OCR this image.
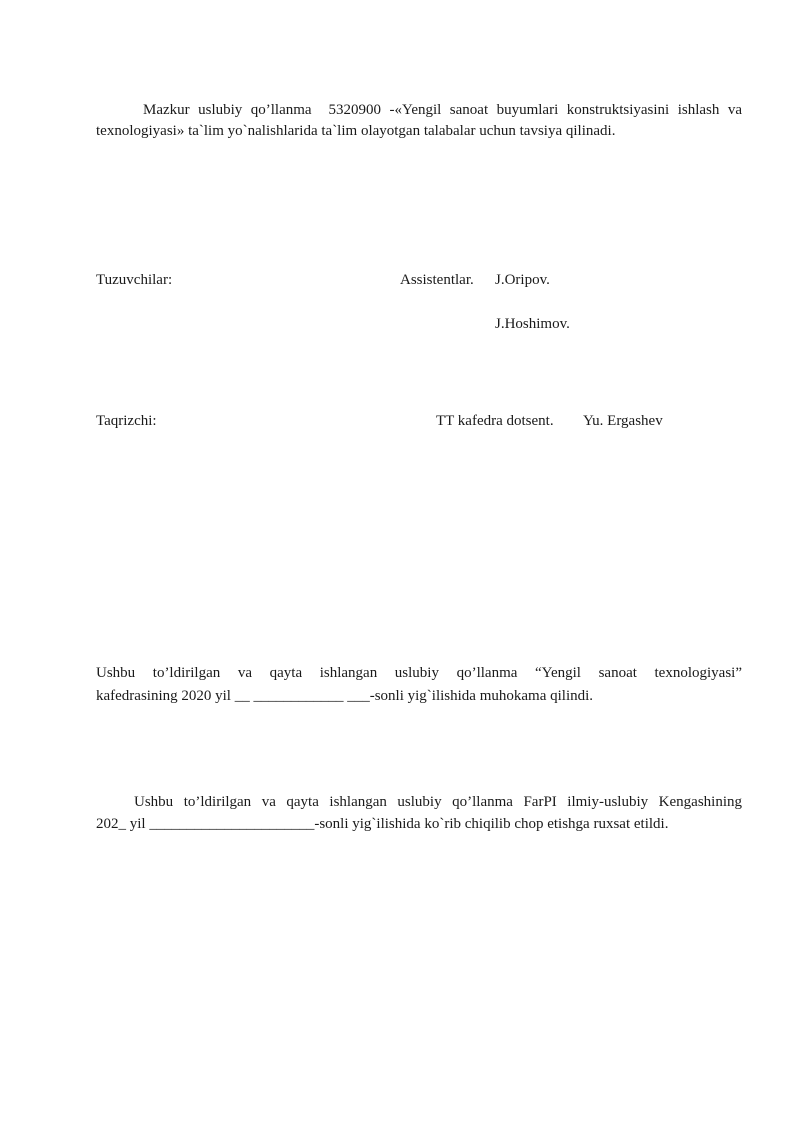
Mazkur uslubiy qo’llanma  5320900 -«Yengil sanoat buyumlari konstruktsiyasini ishlash va
texnologiyasi» ta`lim yo`nalishlarida ta`lim olayotgan talabalar uchun tavsiya qilinadi.
Tuzuvchilar:	Assistentlar. J.Oripov.
J.Hoshimov.
Taqrizchi:	TT kafedra dotsent. Yu. Ergashev
Ushbu to’ldirilgan va qayta ishlangan uslubiy qo’llanma “Yengil sanoat texnologiyasi”
kafedrasining 2020 yil __ ____________ ___-sonli yig`ilishida muhokama qilindi.
Ushbu to’ldirilgan va qayta ishlangan uslubiy qo’llanma FarPI ilmiy-uslubiy Kengashining
202_ yil ______________________-sonli yig`ilishida ko`rib chiqilib chop etishga ruxsat etildi.
